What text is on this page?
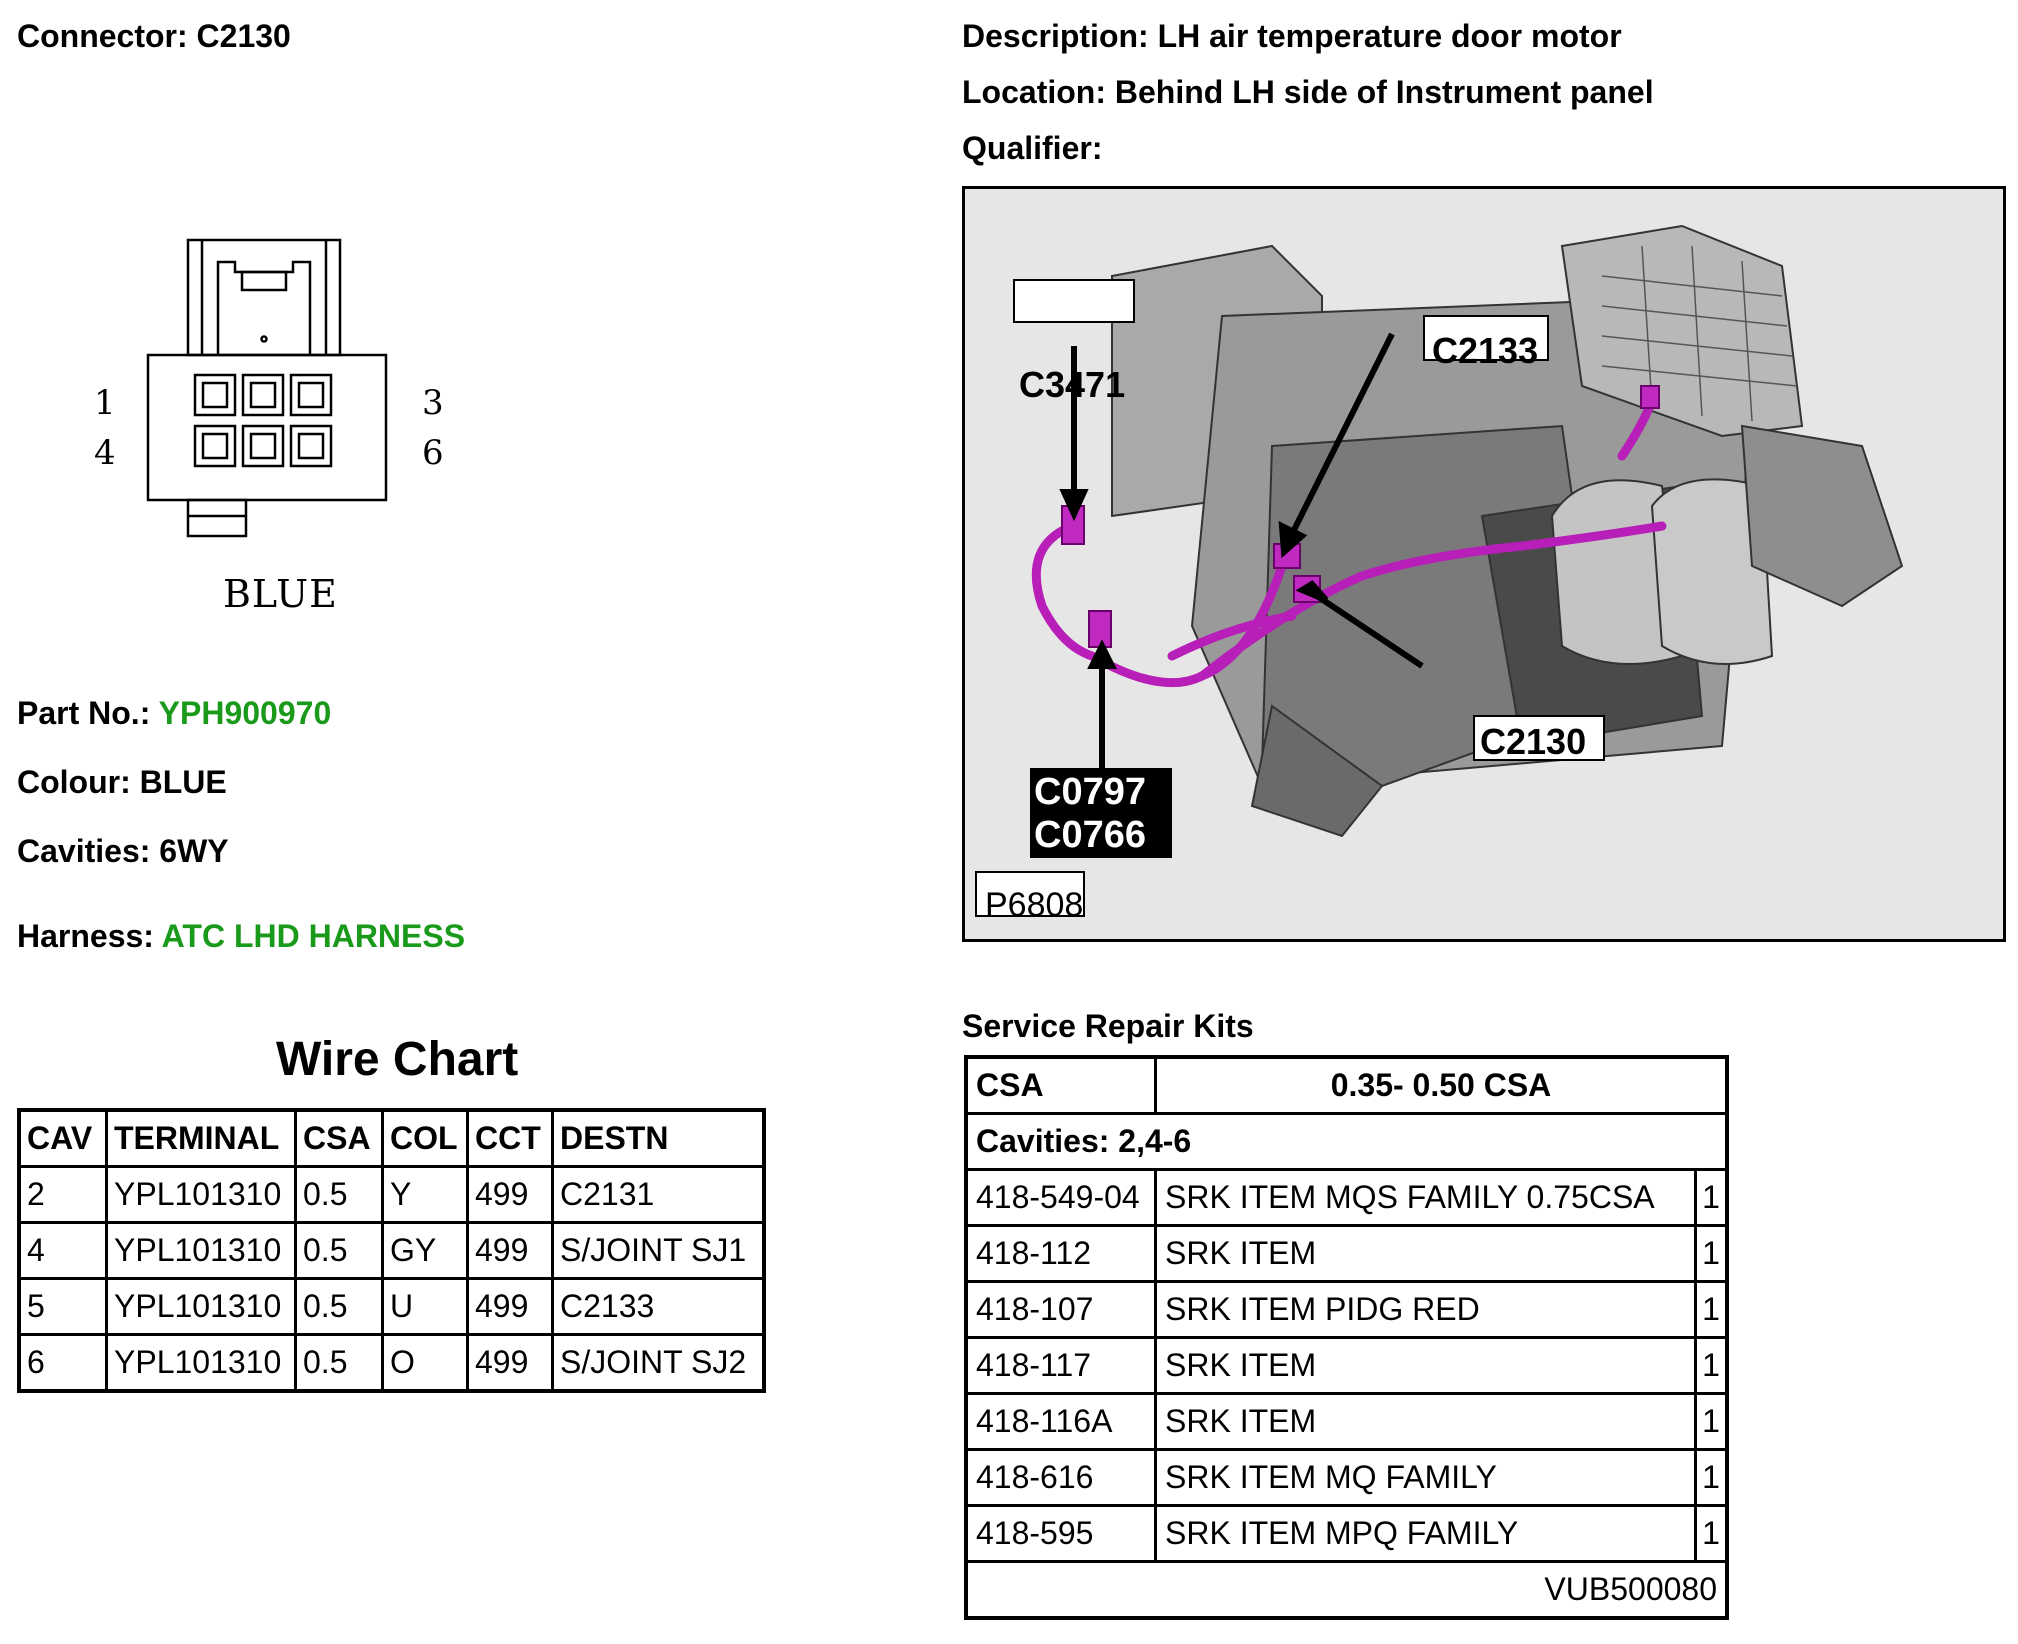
Connector: C2130	Description: LH air temperature door motor
Location: Behind LH side of Instrument panel
Qualifier:
1
4
3
6
BLUE
Part No.: YPH900970
Colour: BLUE
Cavities: 6WY
Harness: ATC LHD HARNESS
C3471
C2133
C2130
C0797
C0766
P6808
Wire Chart
CAV	TERMINAL	CSA	COL	CCT	DESTN
2	YPL101310	0.5	Y	499	C2131
4	YPL101310	0.5	GY	499	S/JOINT SJ1
5	YPL101310	0.5	U	499	C2133
6	YPL101310	0.5	O	499	S/JOINT SJ2
Service Repair Kits
CSA	0.35- 0.50 CSA	
Cavities: 2,4-6		
418-549-04	SRK ITEM MQS FAMILY 0.75CSA	1
418-112	SRK ITEM	1
418-107	SRK ITEM PIDG RED	1
418-117	SRK ITEM	1
418-116A	SRK ITEM	1
418-616	SRK ITEM MQ FAMILY	1
418-595	SRK ITEM MPQ FAMILY	1
VUB500080		
